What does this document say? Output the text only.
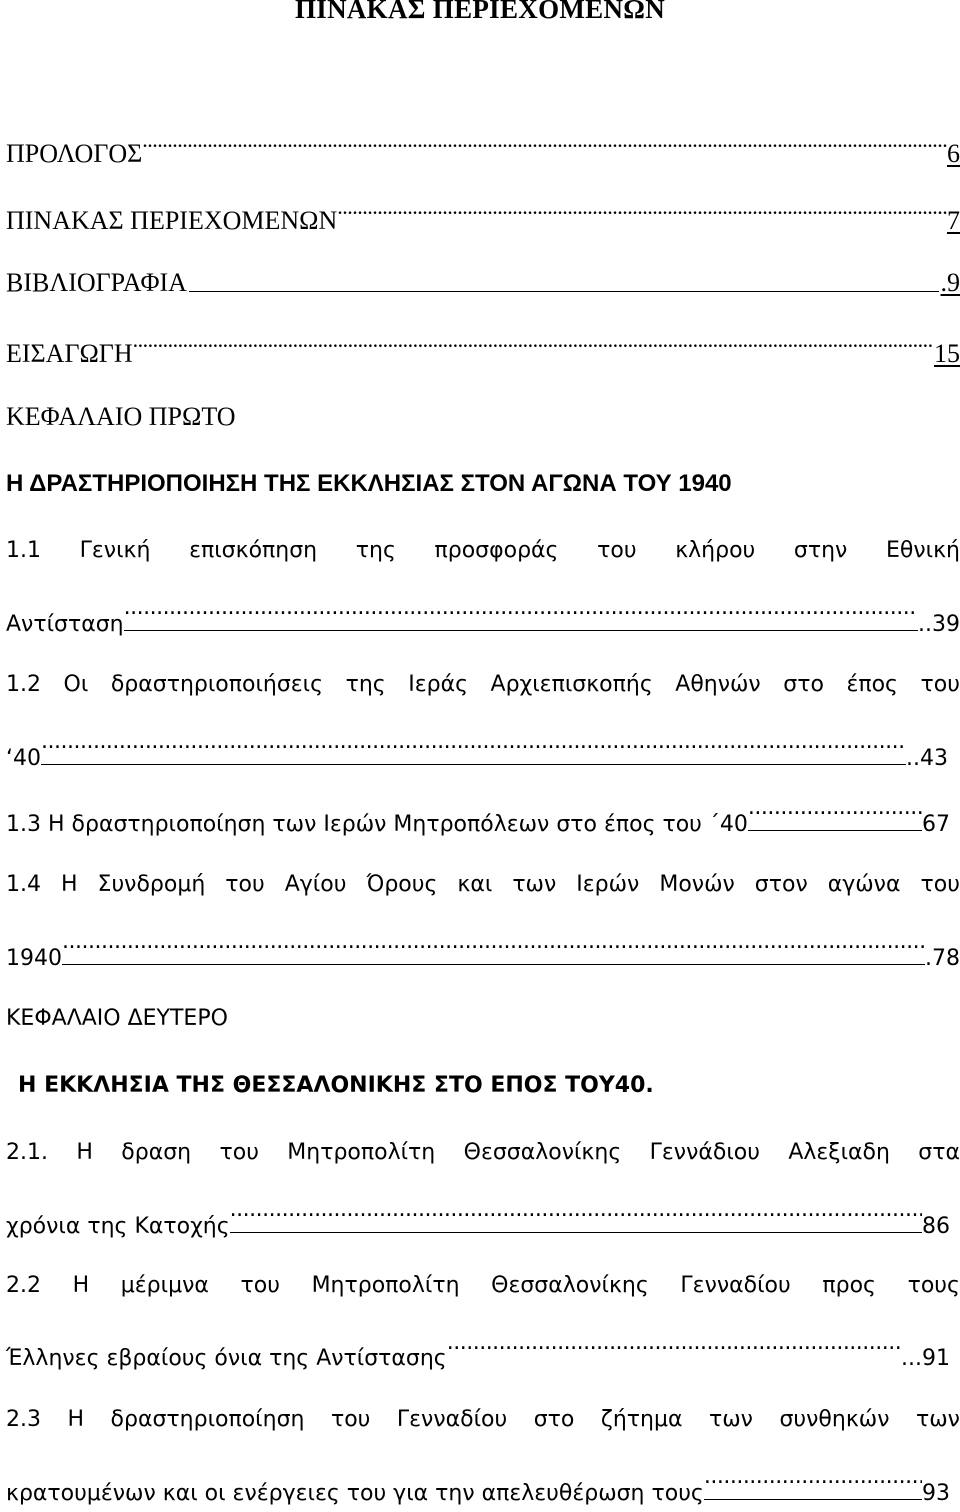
ΠΙΝΑΚΑΣ ΠΕΡΙΕΧΟΜΕΝΩΝ
ΠΡΟΛΟΓΟΣ .....	6
ΠΙΝΑΚΑΣ ΠΕΡΙΕΧΟΜΕΝΩΝ .....	7
ΒΙΒΛΙΟΓΡΑΦΙΑ	.9
ΕΙΣΑΓΩΓΗ .....	15
ΚΕΦΑΛΑΙΟ ΠΡΩΤΟ
Η ΔΡΑΣΤΗΡΙΟΠΟΙΗΣΗ ΤΗΣ ΕΚΚΛΗΣΙΑΣ ΣΤΟΝ ΑΓΩΝΑ ΤΟΥ 1940
1.1 Γενική επισκόπηση της προσφοράς του κλήρου στην Εθνική
Αντίσταση .....	..39
1.2 Οι δραστηριοποιήσεις της Ιεράς Αρχιεπισκοπής Αθηνών στο έπος του
‘40 .....	..43
1.3 Η δραστηριοποίηση των Ιερών Μητροπόλεων στο έπος του ΄40 .....	67
1.4 Η Συνδρομή του Αγίου Όρους και των Ιερών Μονών στον αγώνα του
1940 .....	.78
ΚΕΦΑΛΑΙΟ ΔΕΥΤΕΡΟ
Η ΕΚΚΛΗΣΙΑ ΤΗΣ ΘΕΣΣΑΛΟΝΙΚΗΣ ΣΤΟ ΕΠΟΣ ΤΟΥ40.
2.1. Η δραση του Μητροπολίτη Θεσσαλονίκης Γεννάδιου Αλεξιαδη στα
χρόνια της Κατοχής .....	86
2.2 Η μέριμνα του Μητροπολίτη Θεσσαλονίκης Γενναδίου προς τους
Έλληνες εβραίους όνια της Αντίστασης .....	...91
2.3 Η δραστηριοποίηση του Γενναδίου στο ζήτημα των συνθηκών των
κρατουμένων και οι ενέργειες του για την απελευθέρωση τους .....	93
